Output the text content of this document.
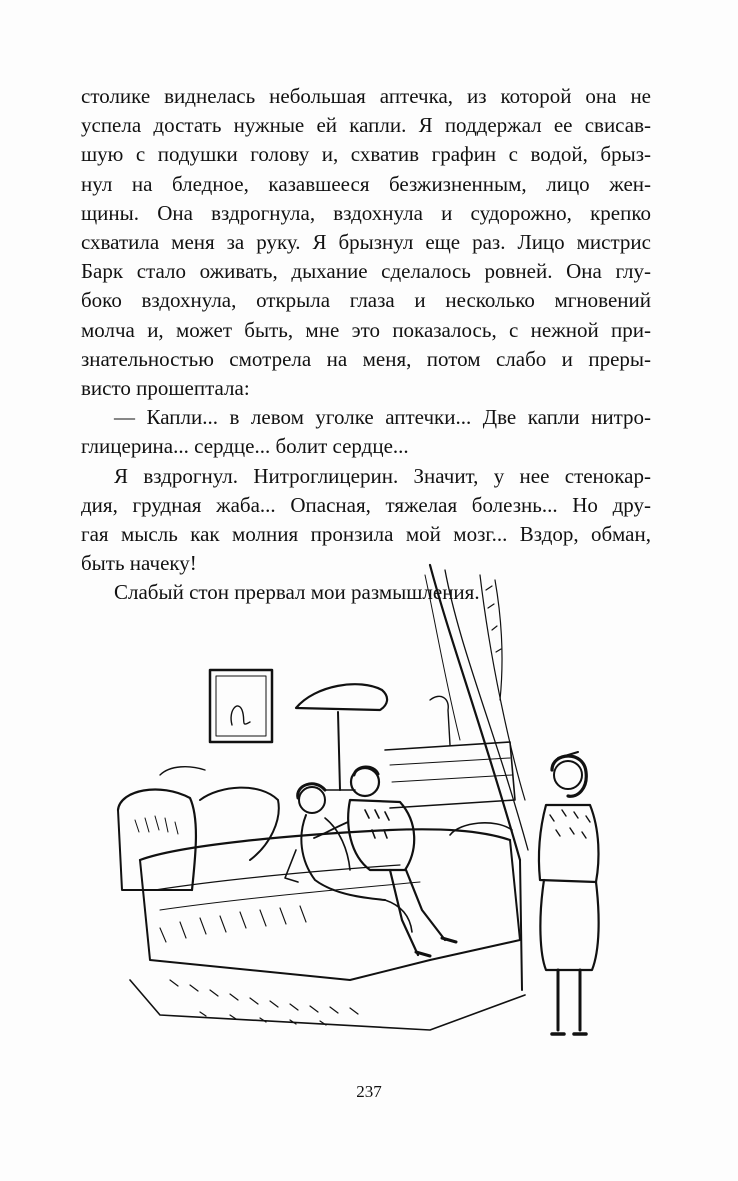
столике виднелась небольшая аптечка, из которой она не
успела достать нужные ей капли. Я поддержал ее свисав-
шую с подушки голову и, схватив графин с водой, брыз-
нул на бледное, казавшееся безжизненным, лицо жен-
щины. Она вздрогнула, вздохнула и судорожно, крепко
схватила меня за руку. Я брызнул еще раз. Лицо мистрис
Барк стало оживать, дыхание сделалось ровней. Она глу-
боко вздохнула, открыла глаза и несколько мгновений
молча и, может быть, мне это показалось, с нежной при-
знательностью смотрела на меня, потом слабо и преры-
висто прошептала:
— Капли... в левом уголке аптечки... Две капли нитро-
глицерина... сердце... болит сердце...
Я вздрогнул. Нитроглицерин. Значит, у нее стенокар-
дия, грудная жаба... Опасная, тяжелая болезнь... Но дру-
гая мысль как молния пронзила мой мозг... Вздор, обман,
быть начеку!
Слабый стон прервал мои размышления.
237
